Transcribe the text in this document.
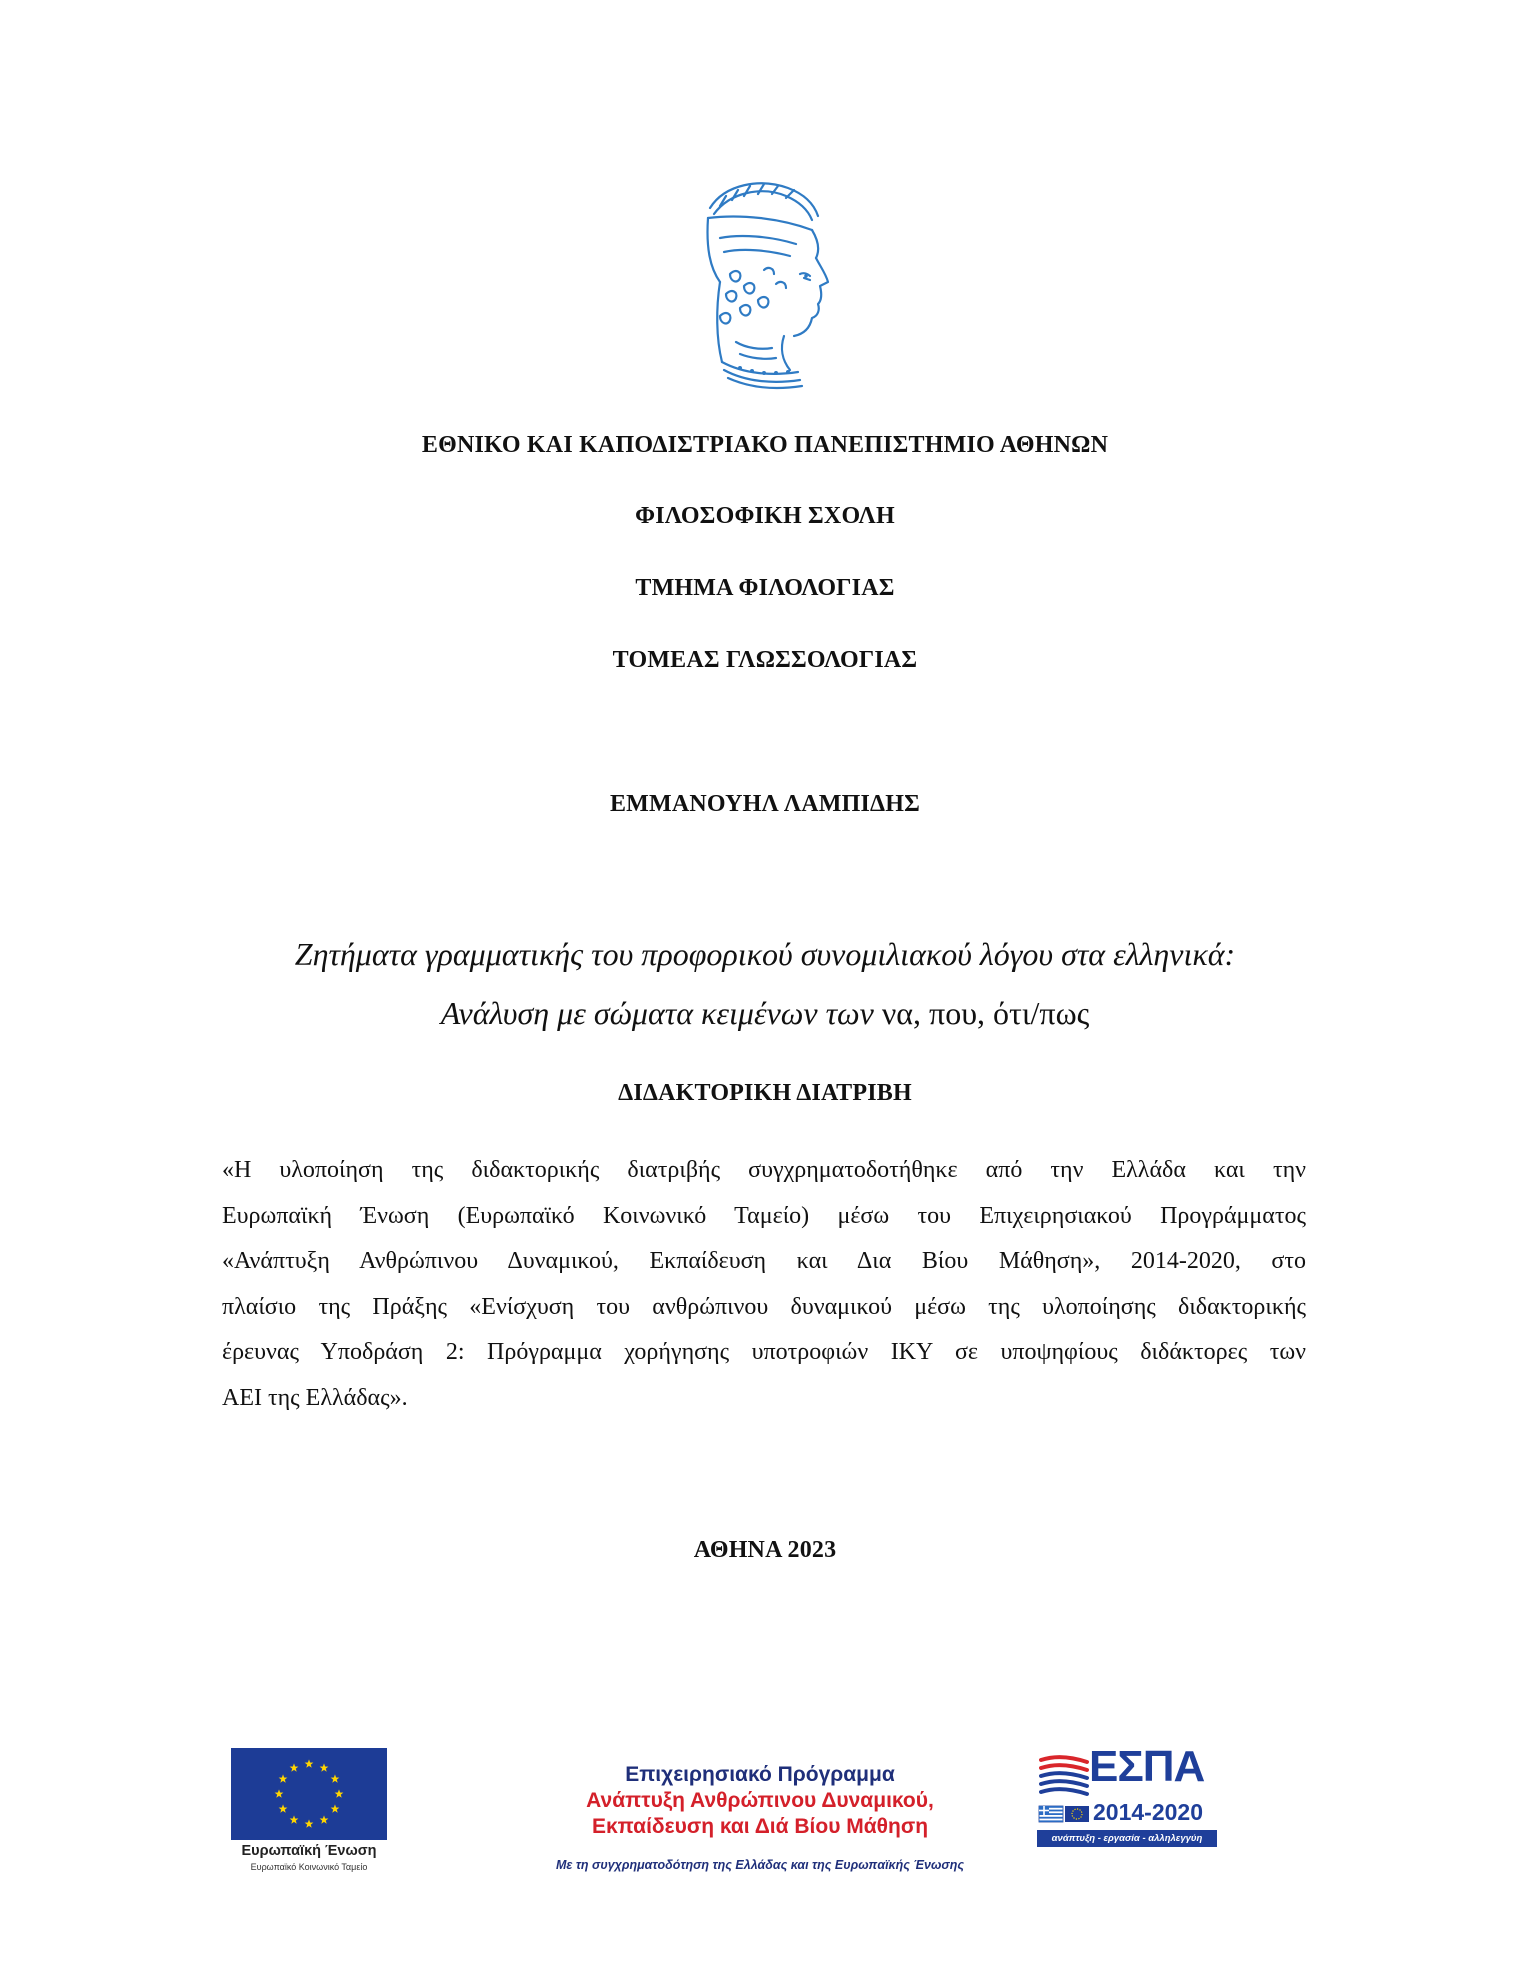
ΕΘΝΙΚΟ ΚΑΙ ΚΑΠΟΔΙΣΤΡΙΑΚΟ ΠΑΝΕΠΙΣΤΗΜΙΟ ΑΘΗΝΩΝ
ΦΙΛΟΣΟΦΙΚΗ ΣΧΟΛΗ
ΤΜΗΜΑ ΦΙΛΟΛΟΓΙΑΣ
ΤΟΜΕΑΣ ΓΛΩΣΣΟΛΟΓΙΑΣ
ΕΜΜΑΝΟΥΗΛ ΛΑΜΠΙΔΗΣ
Ζητήματα γραμματικής του προφορικού συνομιλιακού λόγου στα ελληνικά:
Ανάλυση με σώματα κειμένων των να, που, ότι/πως
ΔΙΔΑΚΤΟΡΙΚΗ ΔΙΑΤΡΙΒΗ
«Η υλοποίηση της διδακτορικής διατριβής συγχρηματοδοτήθηκε από την Ελλάδα και την
Ευρωπαϊκή Ένωση (Ευρωπαϊκό Κοινωνικό Ταμείο) μέσω του Επιχειρησιακού Προγράμματος
«Ανάπτυξη Ανθρώπινου Δυναμικού, Εκπαίδευση και Δια Βίου Μάθηση», 2014-2020, στο
πλαίσιο της Πράξης «Ενίσχυση του ανθρώπινου δυναμικού μέσω της υλοποίησης διδακτορικής
έρευνας Υποδράση 2: Πρόγραμμα χορήγησης υποτροφιών ΙΚΥ σε υποψηφίους διδάκτορες των
ΑΕΙ της Ελλάδας».
ΑΘΗΝΑ 2023
Ευρωπαϊκή Ένωση
Ευρωπαϊκό Κοινωνικό Ταμείο
Επιχειρησιακό Πρόγραμμα
Ανάπτυξη Ανθρώπινου Δυναμικού,
Εκπαίδευση και Διά Βίου Μάθηση
Με τη συγχρηματοδότηση της Ελλάδας και της Ευρωπαϊκής Ένωσης
ΕΣΠΑ
2014-2020
ανάπτυξη - εργασία - αλληλεγγύη
